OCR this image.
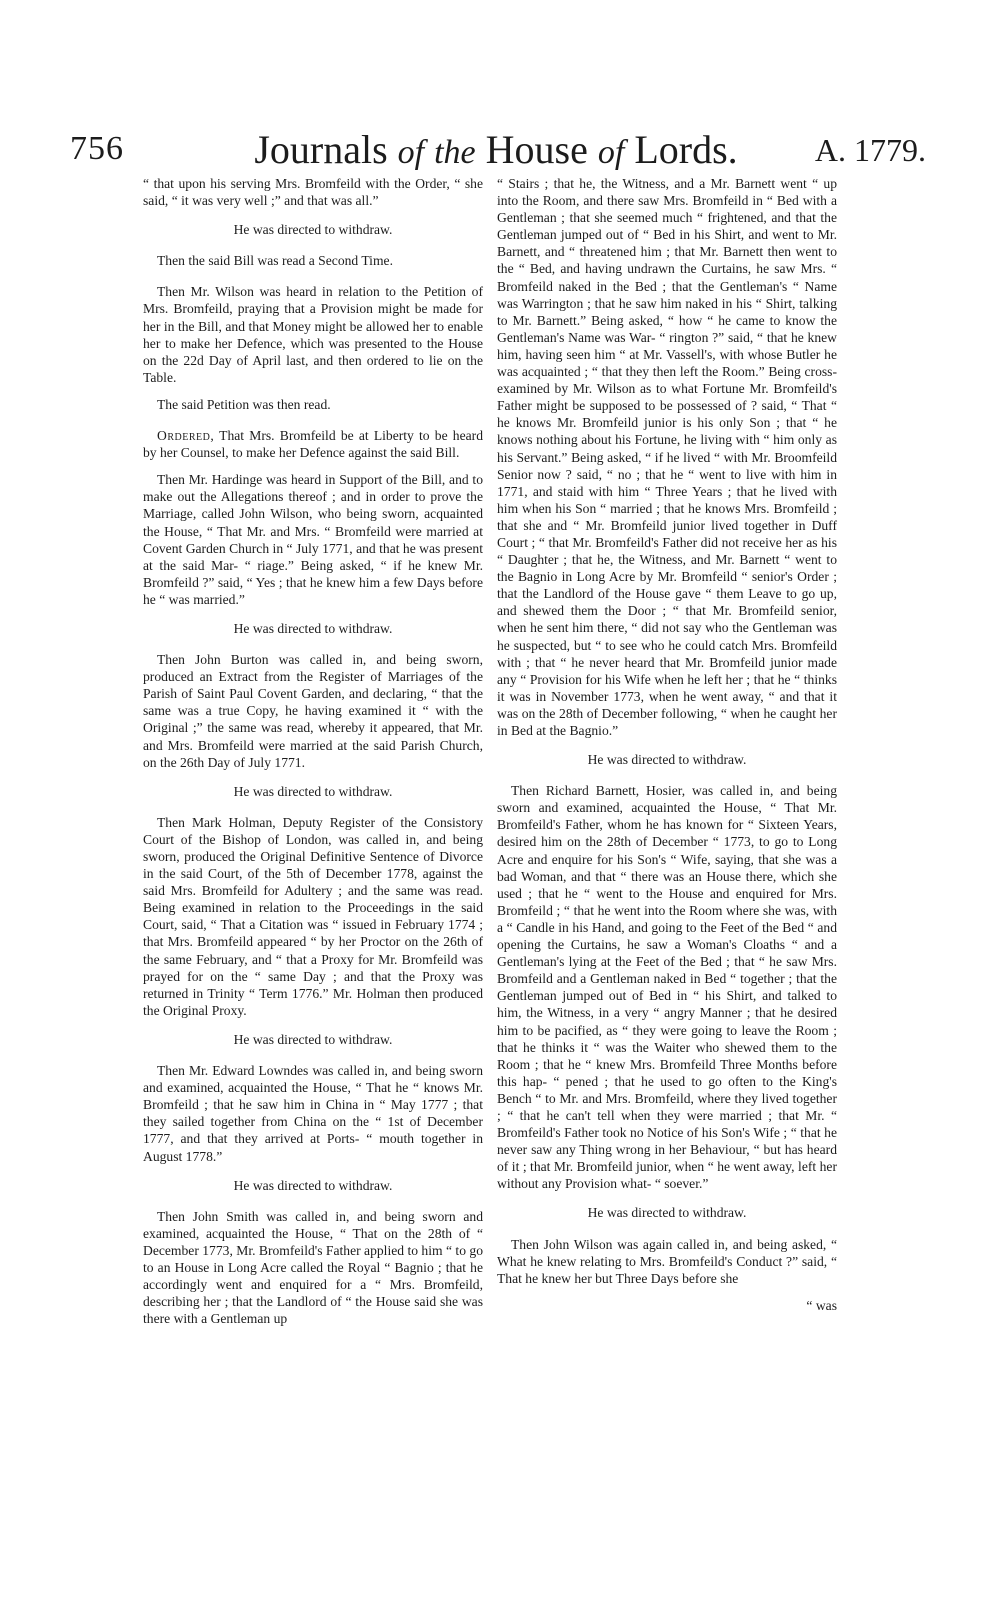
756	Journals of the House of Lords.	A. 1779.

“ that upon his serving Mrs. Bromfeild with the Order, “ she said, “ it was very well ;” and that was all.”

He was directed to withdraw.

Then the said Bill was read a Second Time.

Then Mr. Wilson was heard in relation to the Petition of Mrs. Bromfeild, praying that a Provision might be made for her in the Bill, and that Money might be allowed her to enable her to make her Defence, which was presented to the House on the 22d Day of April last, and then ordered to lie on the Table.

The said Petition was then read.

Ordered, That Mrs. Bromfeild be at Liberty to be heard by her Counsel, to make her Defence against the said Bill.

Then Mr. Hardinge was heard in Support of the Bill, and to make out the Allegations thereof ; and in order to prove the Marriage, called John Wilson, who being sworn, acquainted the House, “ That Mr. and Mrs. “ Bromfeild were married at Covent Garden Church in “ July 1771, and that he was present at the said Mar- “ riage.” Being asked, “ if he knew Mr. Bromfeild ?” said, “ Yes ; that he knew him a few Days before he “ was married.”

He was directed to withdraw.

Then John Burton was called in, and being sworn, produced an Extract from the Register of Marriages of the Parish of Saint Paul Covent Garden, and declaring, “ that the same was a true Copy, he having examined it “ with the Original ;” the same was read, whereby it appeared, that Mr. and Mrs. Bromfeild were married at the said Parish Church, on the 26th Day of July 1771.

He was directed to withdraw.

Then Mark Holman, Deputy Register of the Consistory Court of the Bishop of London, was called in, and being sworn, produced the Original Definitive Sentence of Divorce in the said Court, of the 5th of December 1778, against the said Mrs. Bromfeild for Adultery ; and the same was read. Being examined in relation to the Proceedings in the said Court, said, “ That a Citation was “ issued in February 1774 ; that Mrs. Bromfeild appeared “ by her Proctor on the 26th of the same February, and “ that a Proxy for Mr. Bromfeild was prayed for on the “ same Day ; and that the Proxy was returned in Trinity “ Term 1776.” Mr. Holman then produced the Original Proxy.

He was directed to withdraw.

Then Mr. Edward Lowndes was called in, and being sworn and examined, acquainted the House, “ That he “ knows Mr. Bromfeild ; that he saw him in China in “ May 1777 ; that they sailed together from China on the “ 1st of December 1777, and that they arrived at Ports- “ mouth together in August 1778.”

He was directed to withdraw.

Then John Smith was called in, and being sworn and examined, acquainted the House, “ That on the 28th of “ December 1773, Mr. Bromfeild's Father applied to him “ to go to an House in Long Acre called the Royal “ Bagnio ; that he accordingly went and enquired for a “ Mrs. Bromfeild, describing her ; that the Landlord of “ the House said she was there with a Gentleman up

“ Stairs ; that he, the Witness, and a Mr. Barnett went “ up into the Room, and there saw Mrs. Bromfeild in “ Bed with a Gentleman ; that she seemed much “ frightened, and that the Gentleman jumped out of “ Bed in his Shirt, and went to Mr. Barnett, and “ threatened him ; that Mr. Barnett then went to the “ Bed, and having undrawn the Curtains, he saw Mrs. “ Bromfeild naked in the Bed ; that the Gentleman's “ Name was Warrington ; that he saw him naked in his “ Shirt, talking to Mr. Barnett.” Being asked, “ how “ he came to know the Gentleman's Name was War- “ rington ?” said, “ that he knew him, having seen him “ at Mr. Vassell's, with whose Butler he was acquainted ; “ that they then left the Room.” Being cross-examined by Mr. Wilson as to what Fortune Mr. Bromfeild's Father might be supposed to be possessed of ? said, “ That “ he knows Mr. Bromfeild junior is his only Son ; that “ he knows nothing about his Fortune, he living with “ him only as his Servant.” Being asked, “ if he lived “ with Mr. Broomfeild Senior now ? said, “ no ; that he “ went to live with him in 1771, and staid with him “ Three Years ; that he lived with him when his Son “ married ; that he knows Mrs. Bromfeild ; that she and “ Mr. Bromfeild junior lived together in Duff Court ; “ that Mr. Bromfeild's Father did not receive her as his “ Daughter ; that he, the Witness, and Mr. Barnett “ went to the Bagnio in Long Acre by Mr. Bromfeild “ senior's Order ; that the Landlord of the House gave “ them Leave to go up, and shewed them the Door ; “ that Mr. Bromfeild senior, when he sent him there, “ did not say who the Gentleman was he suspected, but “ to see who he could catch Mrs. Bromfeild with ; that “ he never heard that Mr. Bromfeild junior made any “ Provision for his Wife when he left her ; that he “ thinks it was in November 1773, when he went away, “ and that it was on the 28th of December following, “ when he caught her in Bed at the Bagnio.”

He was directed to withdraw.

Then Richard Barnett, Hosier, was called in, and being sworn and examined, acquainted the House, “ That Mr. Bromfeild's Father, whom he has known for “ Sixteen Years, desired him on the 28th of December “ 1773, to go to Long Acre and enquire for his Son's “ Wife, saying, that she was a bad Woman, and that “ there was an House there, which she used ; that he “ went to the House and enquired for Mrs. Bromfeild ; “ that he went into the Room where she was, with a “ Candle in his Hand, and going to the Feet of the Bed “ and opening the Curtains, he saw a Woman's Cloaths “ and a Gentleman's lying at the Feet of the Bed ; that “ he saw Mrs. Bromfeild and a Gentleman naked in Bed “ together ; that the Gentleman jumped out of Bed in “ his Shirt, and talked to him, the Witness, in a very “ angry Manner ; that he desired him to be pacified, as “ they were going to leave the Room ; that he thinks it “ was the Waiter who shewed them to the Room ; that he “ knew Mrs. Bromfeild Three Months before this hap- “ pened ; that he used to go often to the King's Bench “ to Mr. and Mrs. Bromfeild, where they lived together ; “ that he can't tell when they were married ; that Mr. “ Bromfeild's Father took no Notice of his Son's Wife ; “ that he never saw any Thing wrong in her Behaviour, “ but has heard of it ; that Mr. Bromfeild junior, when “ he went away, left her without any Provision what- “ soever.”

He was directed to withdraw.

Then John Wilson was again called in, and being asked, “ What he knew relating to Mrs. Bromfeild's Conduct ?” said, “ That he knew her but Three Days before she

“ was
